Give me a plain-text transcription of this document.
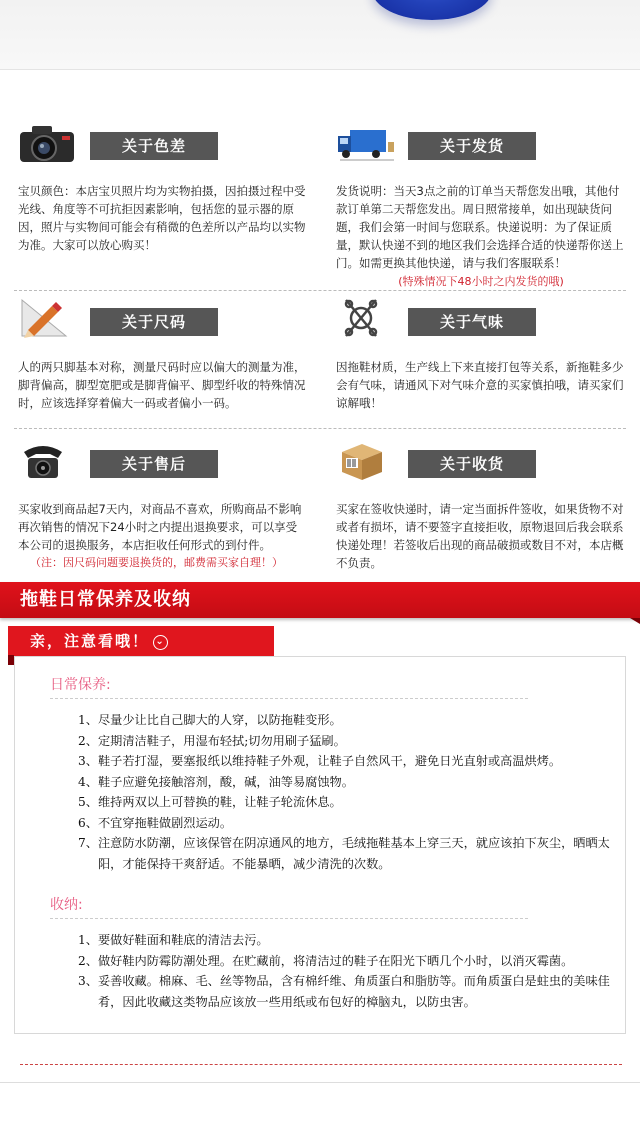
关于色差
宝贝颜色：本店宝贝照片均为实物拍摄，因拍摄过程中受光线、角度等不可抗拒因素影响，包括您的显示器的原因，照片与实物间可能会有稍微的色差所以产品均以实物为准。大家可以放心购买！
关于发货
发货说明：当天3点之前的订单当天帮您发出哦，其他付款订单第二天帮您发出。周日照常接单，如出现缺货问题，我们会第一时间与您联系。快递说明：为了保证质量，默认快递不到的地区我们会选择合适的快递帮你送上门。如需更换其他快递，请与我们客服联系！
(特殊情况下48小时之内发货的哦)
关于尺码
人的两只脚基本对称，测量尺码时应以偏大的测量为准，脚背偏高，脚型宽肥或是脚背偏平、脚型纤收的特殊情况时，应该选择穿着偏大一码或者偏小一码。
关于气味
因拖鞋材质，生产线上下来直接打包等关系，新拖鞋多少会有气味，请通风下对气味介意的买家慎拍哦，请买家们谅解哦！
关于售后
买家收到商品起7天内，对商品不喜欢，所购商品不影响再次销售的情况下24小时之内提出退换要求，可以享受本公司的退换服务，本店拒收任何形式的到付件。
（注：因尺码问题要退换货的，邮费需买家自理！）
关于收货
买家在签收快递时，请一定当面拆件签收，如果货物不对或者有损坏，请不要签字直接拒收，原物退回后我会联系快递处理！若签收后出现的商品破损或数目不对，本店概不负责。
拖鞋日常保养及收纳
亲，注意看哦！ ⌄
日常保养:
1、尽量少让比自己脚大的人穿，以防拖鞋变形。
2、定期清洁鞋子，用湿布轻拭;切勿用刷子猛刷。
3、鞋子若打湿，要塞报纸以维持鞋子外观，让鞋子自然风干，避免日光直射或高温烘烤。
4、鞋子应避免接触溶剂，酸，碱，油等易腐蚀物。
5、维持两双以上可替换的鞋，让鞋子轮流休息。
6、不宜穿拖鞋做剧烈运动。
7、注意防水防潮，应该保管在阴凉通风的地方，毛绒拖鞋基本上穿三天，就应该拍下灰尘，晒晒太阳，才能保持干爽舒适。不能暴晒，减少清洗的次数。
收纳:
1、要做好鞋面和鞋底的清洁去污。
2、做好鞋内防霉防潮处理。在贮藏前，将清洁过的鞋子在阳光下晒几个小时，以消灭霉菌。
3、妥善收藏。棉麻、毛、丝等物品，含有棉纤维、角质蛋白和脂肪等。而角质蛋白是蛀虫的美味佳肴，因此收藏这类物品应该放一些用纸或布包好的樟脑丸，以防虫害。
